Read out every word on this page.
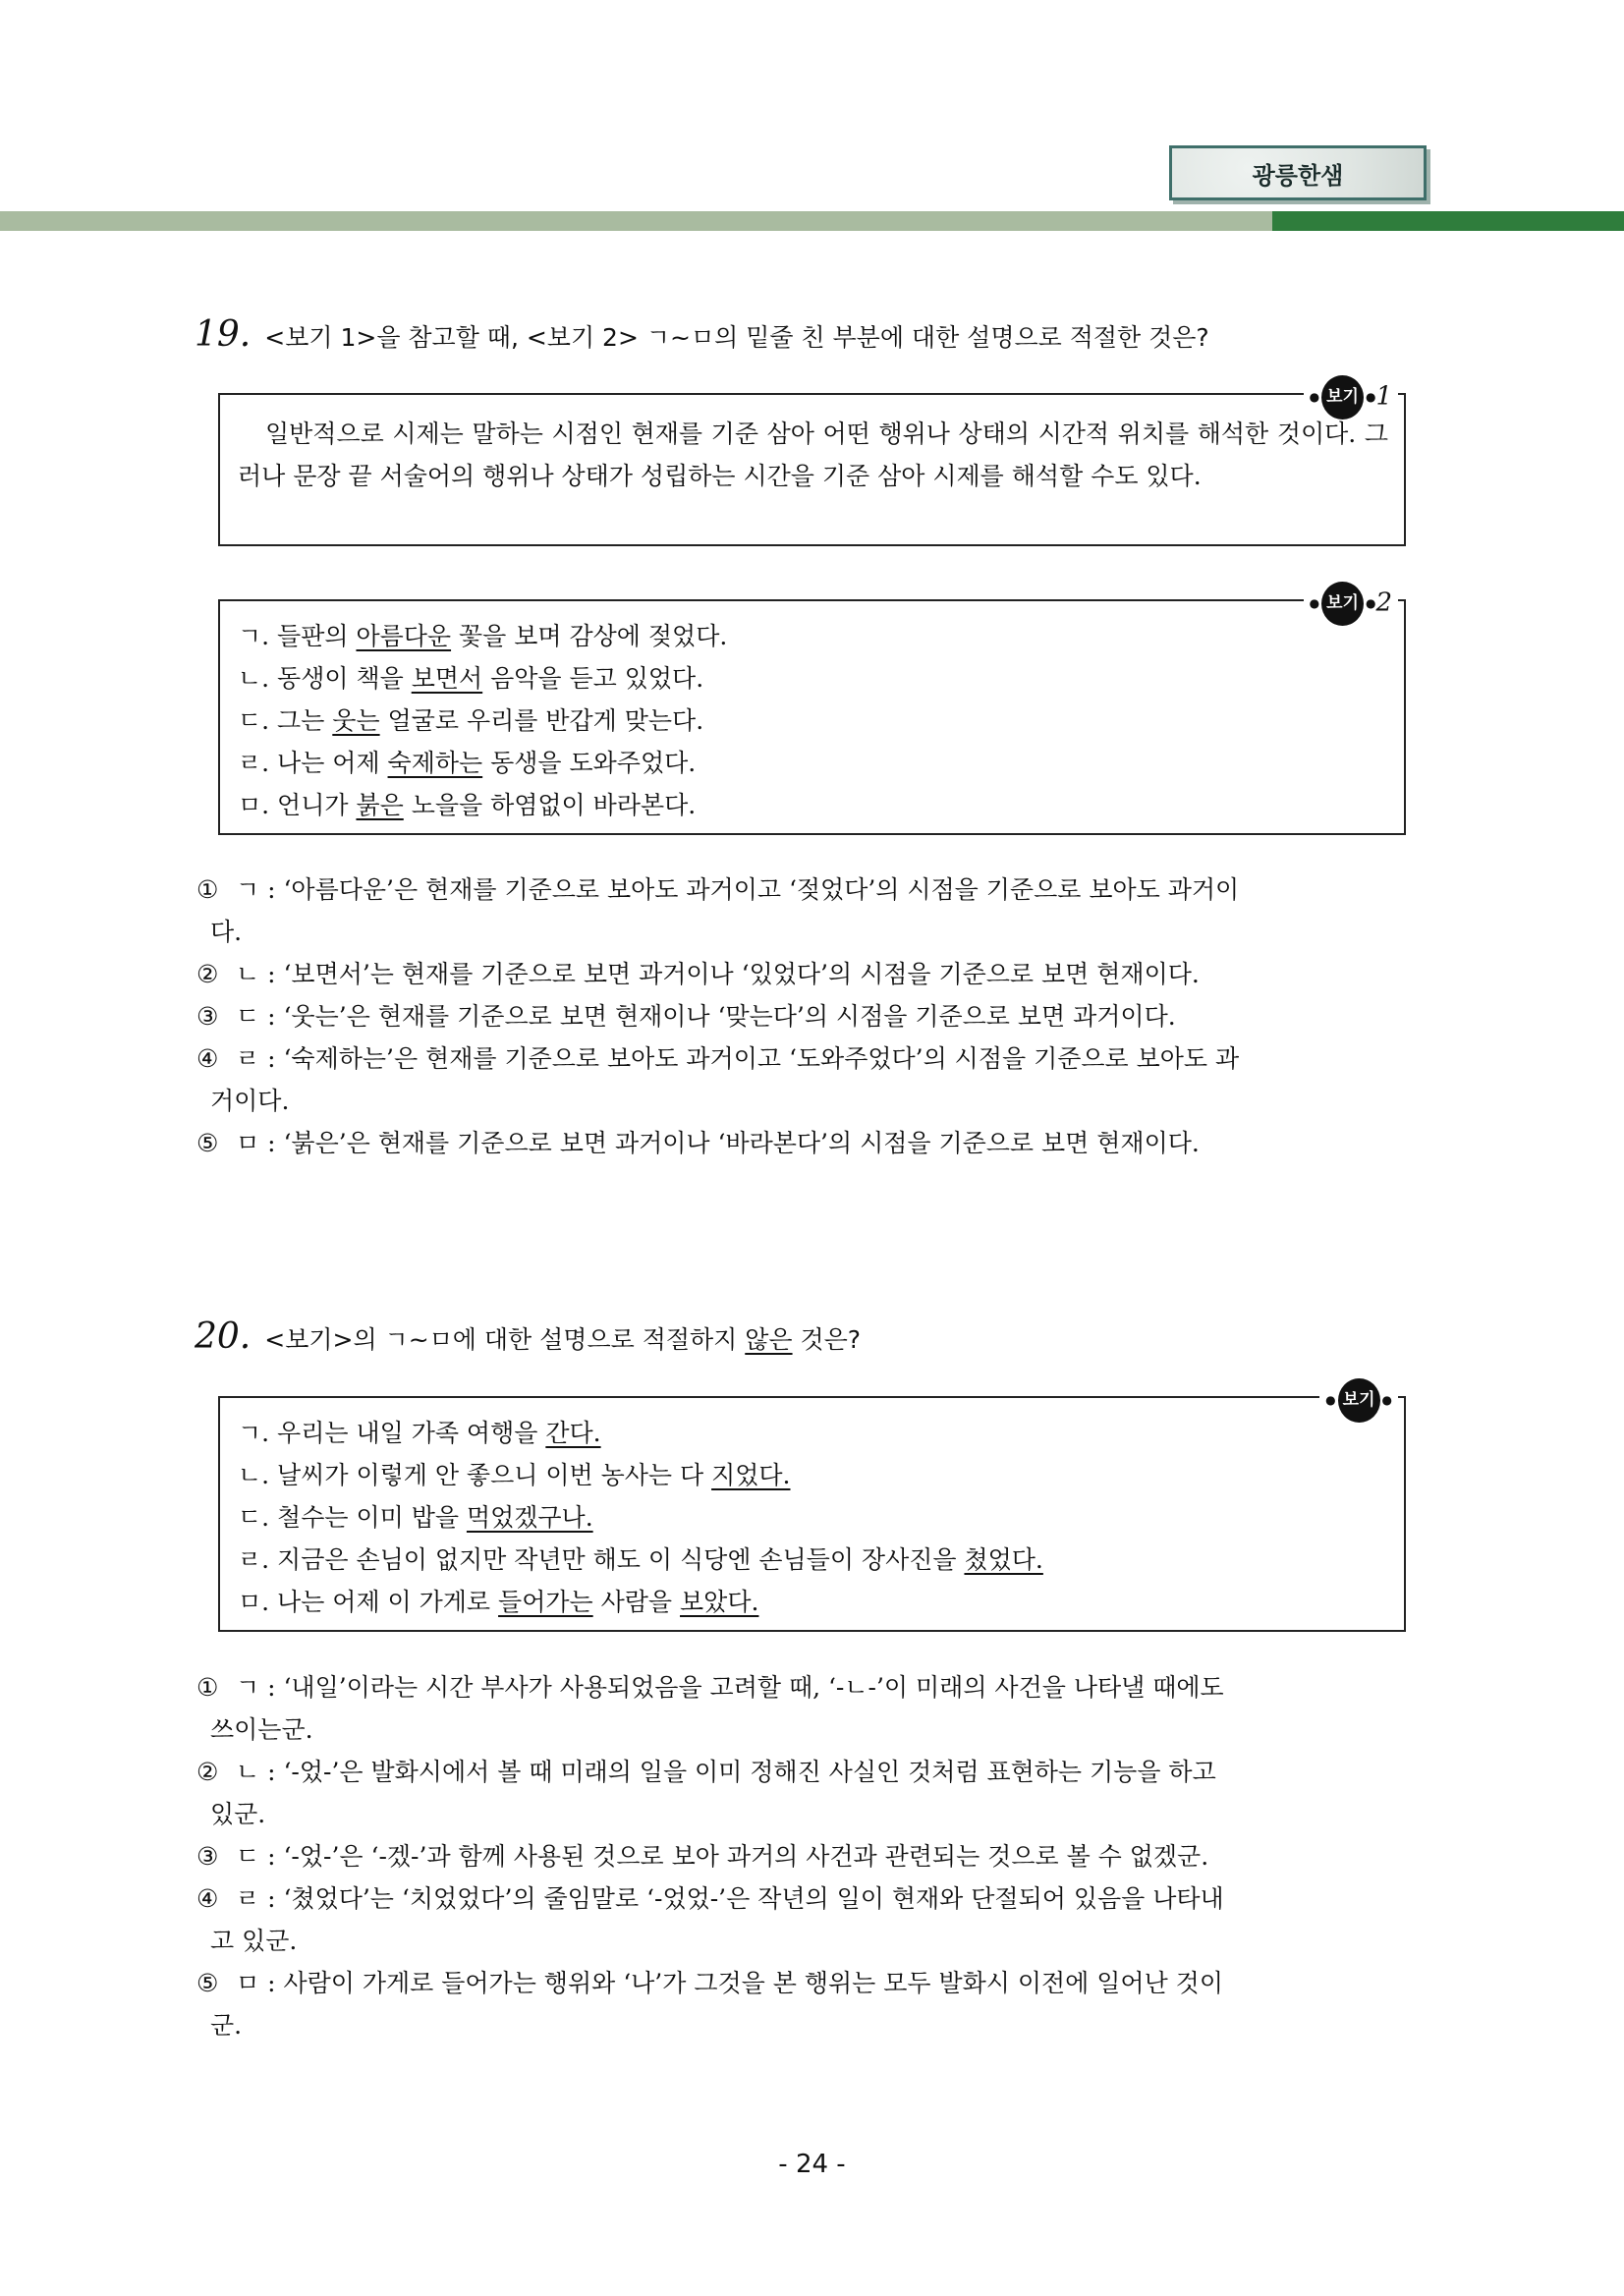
광릉한샘
19. <보기 1>을 참고할 때, <보기 2> ㄱ~ㅁ의 밑줄 친 부분에 대한 설명으로 적절한 것은?
● 보기 ●1
일반적으로 시제는 말하는 시점인 현재를 기준 삼아 어떤 행위나 상태의 시간적 위치를 해석한 것이다. 그러나 문장 끝 서술어의 행위나 상태가 성립하는 시간을 기준 삼아 시제를 해석할 수도 있다.
● 보기 ●2
ㄱ. 들판의 아름다운 꽃을 보며 감상에 젖었다.
ㄴ. 동생이 책을 보면서 음악을 듣고 있었다.
ㄷ. 그는 웃는 얼굴로 우리를 반갑게 맞는다.
ㄹ. 나는 어제 숙제하는 동생을 도와주었다.
ㅁ. 언니가 붉은 노을을 하염없이 바라본다.
① ㄱ : ‘아름다운’은 현재를 기준으로 보아도 과거이고 ‘젖었다’의 시점을 기준으로 보아도 과거이
다.
② ㄴ : ‘보면서’는 현재를 기준으로 보면 과거이나 ‘있었다’의 시점을 기준으로 보면 현재이다.
③ ㄷ : ‘웃는’은 현재를 기준으로 보면 현재이나 ‘맞는다’의 시점을 기준으로 보면 과거이다.
④ ㄹ : ‘숙제하는’은 현재를 기준으로 보아도 과거이고 ‘도와주었다’의 시점을 기준으로 보아도 과
거이다.
⑤ ㅁ : ‘붉은’은 현재를 기준으로 보면 과거이나 ‘바라본다’의 시점을 기준으로 보면 현재이다.
20. <보기>의 ㄱ~ㅁ에 대한 설명으로 적절하지 않은 것은?
● 보기 ●
ㄱ. 우리는 내일 가족 여행을 간다.
ㄴ. 날씨가 이렇게 안 좋으니 이번 농사는 다 지었다.
ㄷ. 철수는 이미 밥을 먹었겠구나.
ㄹ. 지금은 손님이 없지만 작년만 해도 이 식당엔 손님들이 장사진을 쳤었다.
ㅁ. 나는 어제 이 가게로 들어가는 사람을 보았다.
① ㄱ : ‘내일’이라는 시간 부사가 사용되었음을 고려할 때, ‘-ㄴ-’이 미래의 사건을 나타낼 때에도
쓰이는군.
② ㄴ : ‘-었-’은 발화시에서 볼 때 미래의 일을 이미 정해진 사실인 것처럼 표현하는 기능을 하고
있군.
③ ㄷ : ‘-었-’은 ‘-겠-’과 함께 사용된 것으로 보아 과거의 사건과 관련되는 것으로 볼 수 없겠군.
④ ㄹ : ‘쳤었다’는 ‘치었었다’의 줄임말로 ‘-었었-’은 작년의 일이 현재와 단절되어 있음을 나타내
고 있군.
⑤ ㅁ : 사람이 가게로 들어가는 행위와 ‘나’가 그것을 본 행위는 모두 발화시 이전에 일어난 것이
군.
- 24 -
